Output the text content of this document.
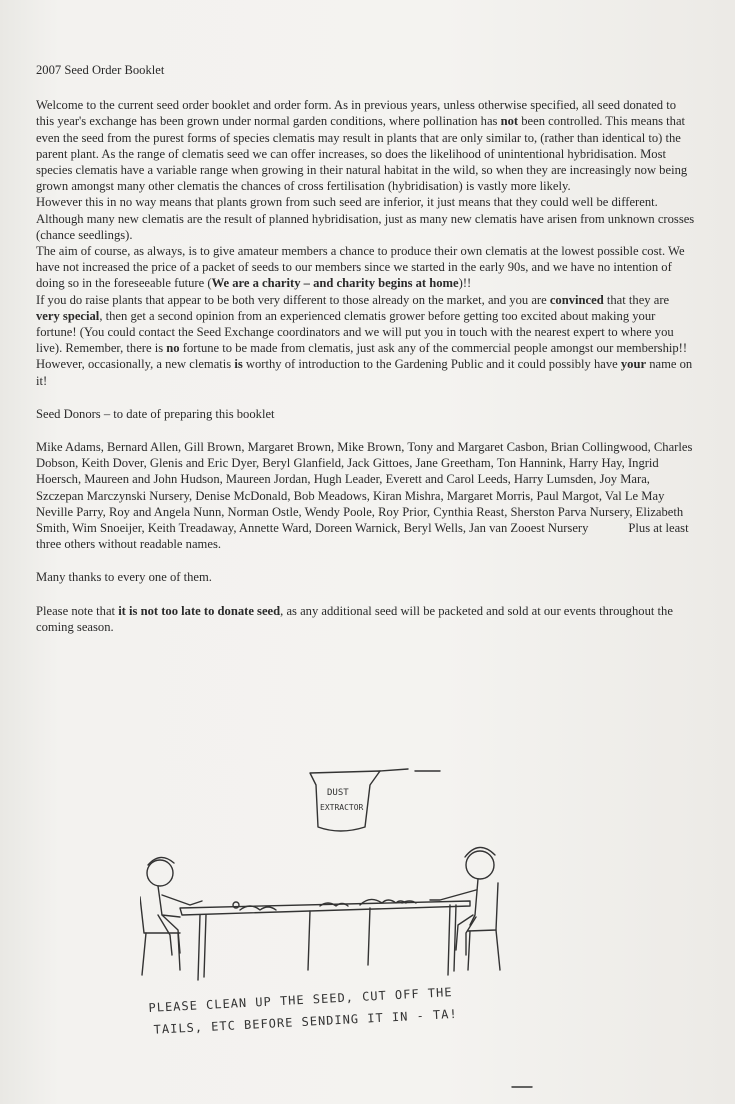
2007 Seed Order Booklet

Welcome to the current seed order booklet and order form. As in previous years, unless otherwise specified, all seed donated to this year's exchange has been grown under normal garden conditions, where pollination has not been controlled. This means that even the seed from the purest forms of species clematis may result in plants that are only similar to, (rather than identical to) the parent plant. As the range of clematis seed we can offer increases, so does the likelihood of unintentional hybridisation. Most species clematis have a variable range when growing in their natural habitat in the wild, so when they are increasingly now being grown amongst many other clematis the chances of cross fertilisation (hybridisation) is vastly more likely.

However this in no way means that plants grown from such seed are inferior, it just means that they could well be different. Although many new clematis are the result of planned hybridisation, just as many new clematis have arisen from unknown crosses (chance seedlings).

The aim of course, as always, is to give amateur members a chance to produce their own clematis at the lowest possible cost. We have not increased the price of a packet of seeds to our members since we started in the early 90s, and we have no intention of doing so in the foreseeable future (We are a charity – and charity begins at home)!!

If you do raise plants that appear to be both very different to those already on the market, and you are convinced that they are very special, then get a second opinion from an experienced clematis grower before getting too excited about making your fortune! (You could contact the Seed Exchange coordinators and we will put you in touch with the nearest expert to where you live). Remember, there is no fortune to be made from clematis, just ask any of the commercial people amongst our membership!! However, occasionally, a new clematis is worthy of introduction to the Gardening Public and it could possibly have your name on it!

Seed Donors – to date of preparing this booklet

Mike Adams, Bernard Allen, Gill Brown, Margaret Brown, Mike Brown, Tony and Margaret Casbon, Brian Collingwood, Charles Dobson, Keith Dover, Glenis and Eric Dyer, Beryl Glanfield, Jack Gittoes, Jane Greetham, Ton Hannink, Harry Hay, Ingrid Hoersch, Maureen and John Hudson, Maureen Jordan, Hugh Leader, Everett and Carol Leeds, Harry Lumsden, Joy Mara, Szczepan Marczynski Nursery, Denise McDonald, Bob Meadows, Kiran Mishra, Margaret Morris, Paul Margot, Val Le May Neville Parry, Roy and Angela Nunn, Norman Ostle, Wendy Poole, Roy Prior, Cynthia Reast, Sherston Parva Nursery, Elizabeth Smith, Wim Snoeijer, Keith Treadaway, Annette Ward, Doreen Warnick, Beryl Wells, Jan van Zooest Nursery	Plus at least three others without readable names.

Many thanks to every one of them.

Please note that it is not too late to donate seed, as any additional seed will be packeted and sold at our events throughout the coming season.

DUST
EXTRACTOR
PLEASE CLEAN UP THE SEED, CUT OFF THE
TAILS, ETC BEFORE SENDING IT IN - TA!
